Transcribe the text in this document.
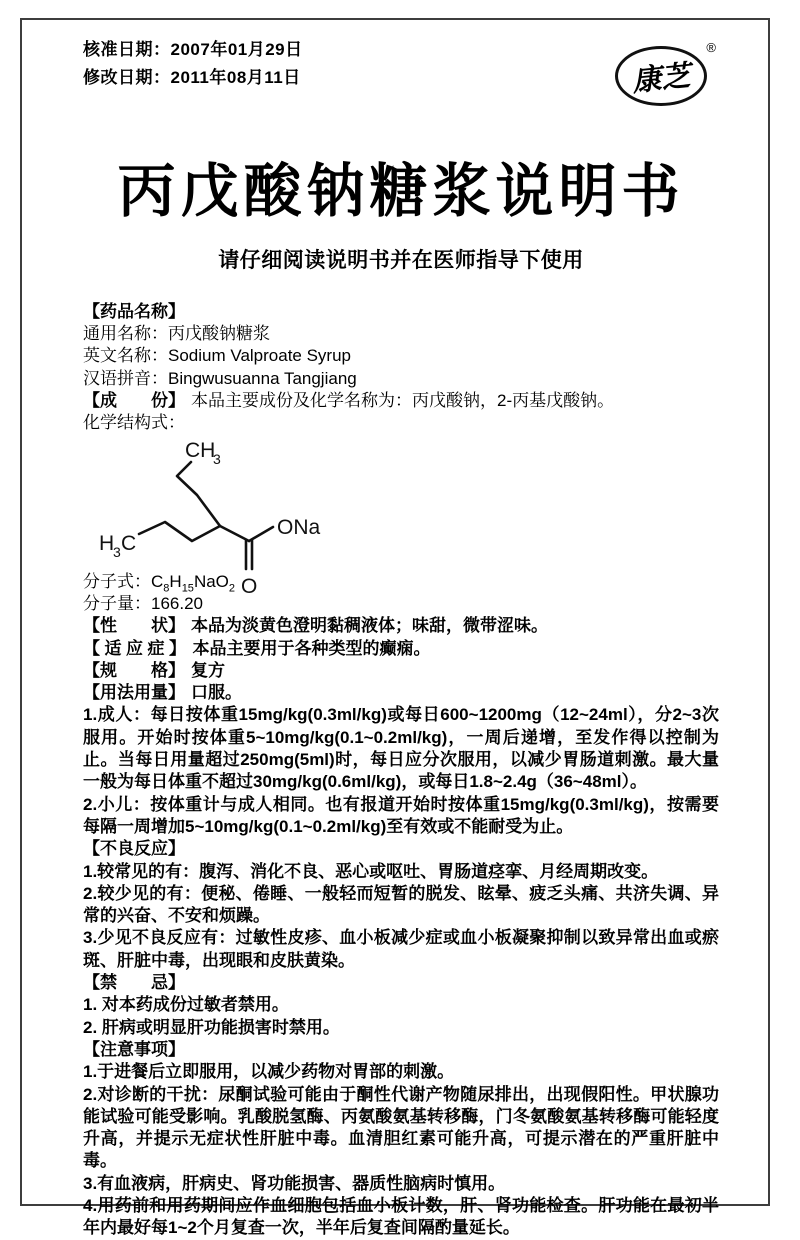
核准日期：2007年01月29日

修改日期：2011年08月11日	康芝
®
丙戊酸钠糖浆说明书
请仔细阅读说明书并在医师指导下使用

【药品名称】

通用名称：丙戊酸钠糖浆

英文名称：Sodium Valproate Syrup

汉语拼音：Bingwusuanna Tangjiang

【成　　份】 本品主要成份及化学名称为：丙戊酸钠，2-丙基戊酸钠。

化学结构式：

CH
3
H
3 C
ONa
O

分子式：$C_8H_{15}NaO_2$

分子量：166.20

【性　　状】 本品为淡黄色澄明黏稠液体；味甜，微带涩味。

【适应症】 本品主要用于各种类型的癫痫。

【规　　格】 复方

【用法用量】 口服。

1.成人：每日按体重15mg/kg(0.3ml/kg)或每日600~1200mg（12~24ml），分2~3次服用。开始时按体重5~10mg/kg(0.1~0.2ml/kg)，一周后递增，至发作得以控制为止。当每日用量超过250mg(5ml)时，每日应分次服用，以减少胃肠道刺激。最大量一般为每日体重不超过30mg/kg(0.6ml/kg)，或每日1.8~2.4g（36~48ml）。

2.小儿：按体重计与成人相同。也有报道开始时按体重15mg/kg(0.3ml/kg)，按需要每隔一周增加5~10mg/kg(0.1~0.2ml/kg)至有效或不能耐受为止。

【不良反应】

1.较常见的有：腹泻、消化不良、恶心或呕吐、胃肠道痉挛、月经周期改变。

2.较少见的有：便秘、倦睡、一般轻而短暂的脱发、眩晕、疲乏头痛、共济失调、异常的兴奋、不安和烦躁。

3.少见不良反应有：过敏性皮疹、血小板减少症或血小板凝聚抑制以致异常出血或瘀斑、肝脏中毒，出现眼和皮肤黄染。

【禁　　忌】

1. 对本药成份过敏者禁用。

2. 肝病或明显肝功能损害时禁用。

【注意事项】

1.于进餐后立即服用，以减少药物对胃部的刺激。

2.对诊断的干扰：尿酮试验可能由于酮性代谢产物随尿排出，出现假阳性。甲状腺功能试验可能受影响。乳酸脱氢酶、丙氨酸氨基转移酶，门冬氨酸氨基转移酶可能轻度升高，并提示无症状性肝脏中毒。血清胆红素可能升高，可提示潜在的严重肝脏中毒。

3.有血液病，肝病史、肾功能损害、器质性脑病时慎用。

4.用药前和用药期间应作血细胞包括血小板计数，肝、肾功能检查。肝功能在最初半年内最好每1~2个月复查一次，半年后复查间隔酌量延长。
